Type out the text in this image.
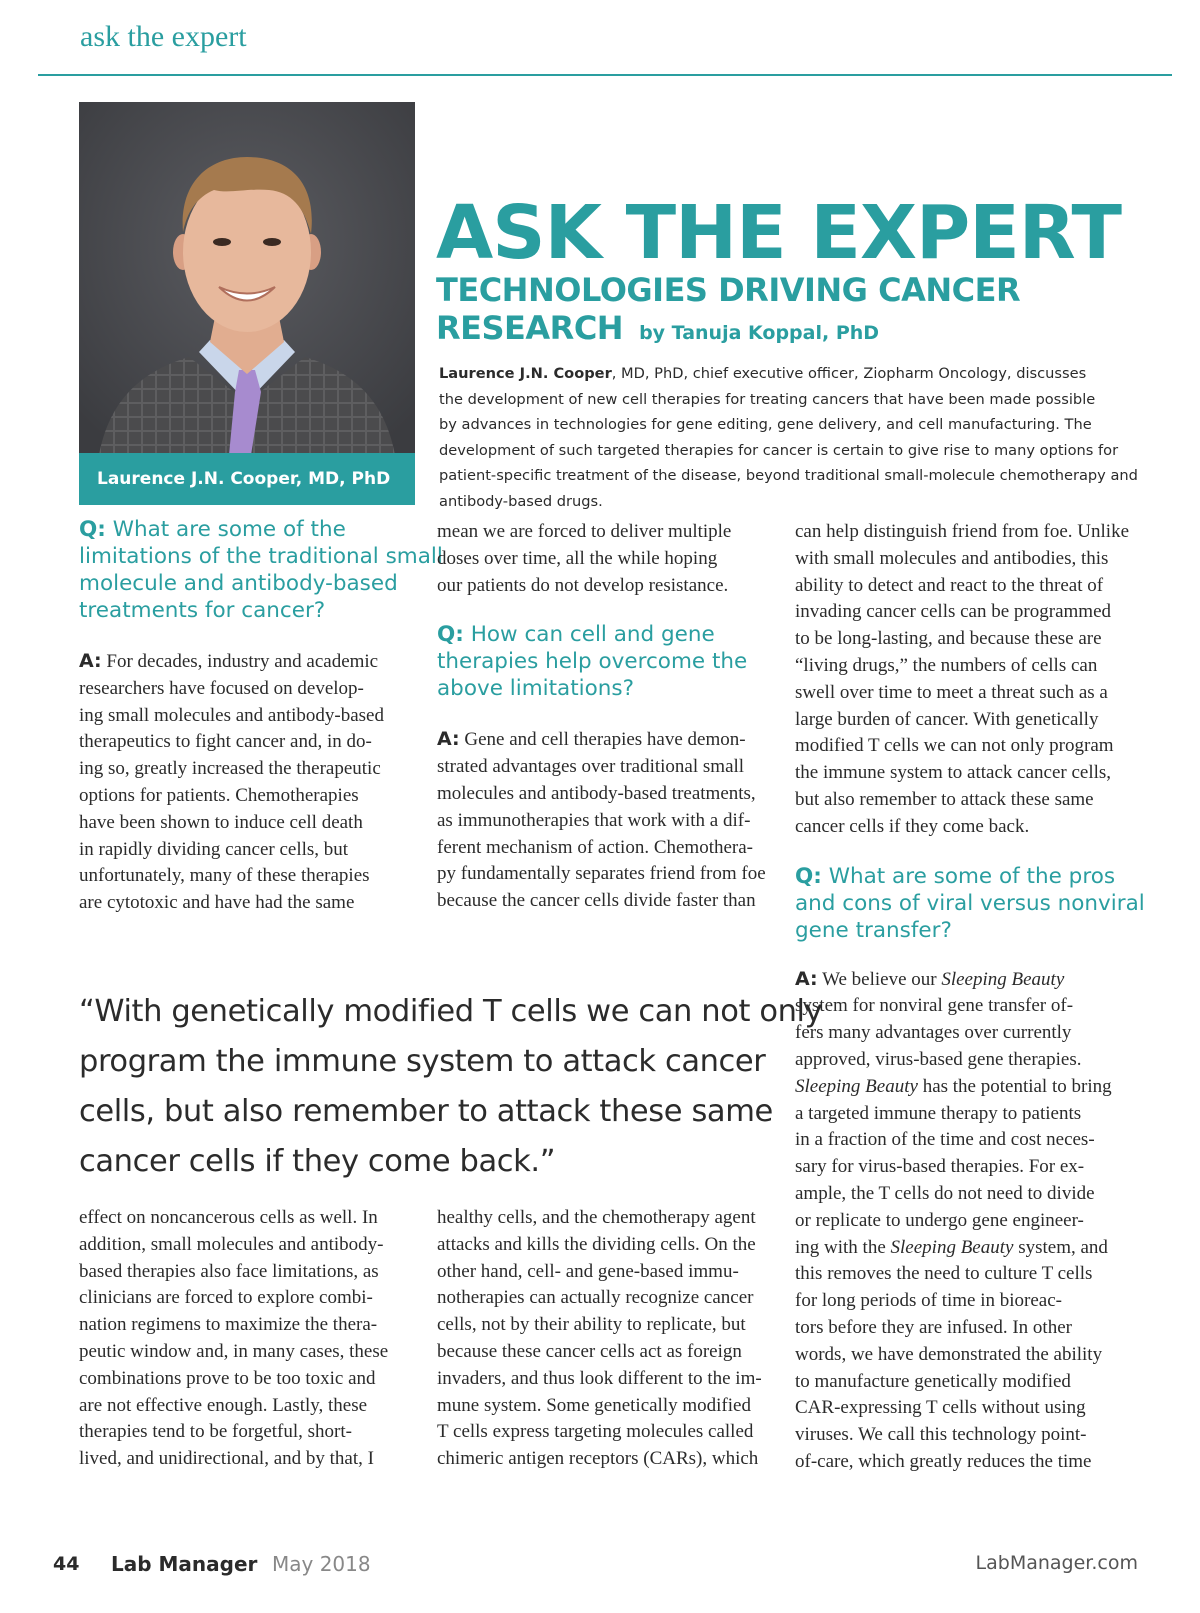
ask the expert
Laurence J.N. Cooper, MD, PhD
ASK THE EXPERT
TECHNOLOGIES DRIVING CANCER
RESEARCH by Tanuja Koppal, PhD
Laurence J.N. Cooper, MD, PhD, chief executive officer, Ziopharm Oncology, discusses
the development of new cell therapies for treating cancers that have been made possible
by advances in technologies for gene editing, gene delivery, and cell manufacturing. The
development of such targeted therapies for cancer is certain to give rise to many options for
patient-specific treatment of the disease, beyond traditional small-molecule chemotherapy and
antibody-based drugs.
Q: What are some of the
limitations of the traditional small
molecule and antibody-based
treatments for cancer?
A: For decades, industry and academic
researchers have focused on develop-
ing small molecules and antibody-based
therapeutics to fight cancer and, in do-
ing so, greatly increased the therapeutic
options for patients. Chemotherapies
have been shown to induce cell death
in rapidly dividing cancer cells, but
unfortunately, many of these therapies
are cytotoxic and have had the same
mean we are forced to deliver multiple
doses over time, all the while hoping
our patients do not develop resistance.
Q: How can cell and gene
therapies help overcome the
above limitations?
A: Gene and cell therapies have demon-
strated advantages over traditional small
molecules and antibody-based treatments,
as immunotherapies that work with a dif-
ferent mechanism of action. Chemothera-
py fundamentally separates friend from foe
because the cancer cells divide faster than
can help distinguish friend from foe. Unlike
with small molecules and antibodies, this
ability to detect and react to the threat of
invading cancer cells can be programmed
to be long-lasting, and because these are
“living drugs,” the numbers of cells can
swell over time to meet a threat such as a
large burden of cancer. With genetically
modified T cells we can not only program
the immune system to attack cancer cells,
but also remember to attack these same
cancer cells if they come back.
Q: What are some of the pros
and cons of viral versus nonviral
gene transfer?
A: We believe our Sleeping Beauty
system for nonviral gene transfer of-
fers many advantages over currently
approved, virus-based gene therapies.
Sleeping Beauty has the potential to bring
a targeted immune therapy to patients
in a fraction of the time and cost neces-
sary for virus-based therapies. For ex-
ample, the T cells do not need to divide
or replicate to undergo gene engineer-
ing with the Sleeping Beauty system, and
this removes the need to culture T cells
for long periods of time in bioreac-
tors before they are infused. In other
words, we have demonstrated the ability
to manufacture genetically modified
CAR-expressing T cells without using
viruses. We call this technology point-
of-care, which greatly reduces the time
“With genetically modified T cells we can not only
program the immune system to attack cancer
cells, but also remember to attack these same
cancer cells if they come back.”
effect on noncancerous cells as well. In
addition, small molecules and antibody-
based therapies also face limitations, as
clinicians are forced to explore combi-
nation regimens to maximize the thera-
peutic window and, in many cases, these
combinations prove to be too toxic and
are not effective enough. Lastly, these
therapies tend to be forgetful, short-
lived, and unidirectional, and by that, I
healthy cells, and the chemotherapy agent
attacks and kills the dividing cells. On the
other hand, cell- and gene-based immu-
notherapies can actually recognize cancer
cells, not by their ability to replicate, but
because these cancer cells act as foreign
invaders, and thus look different to the im-
mune system. Some genetically modified
T cells express targeting molecules called
chimeric antigen receptors (CARs), which
44 Lab Manager May 2018	LabManager.com
